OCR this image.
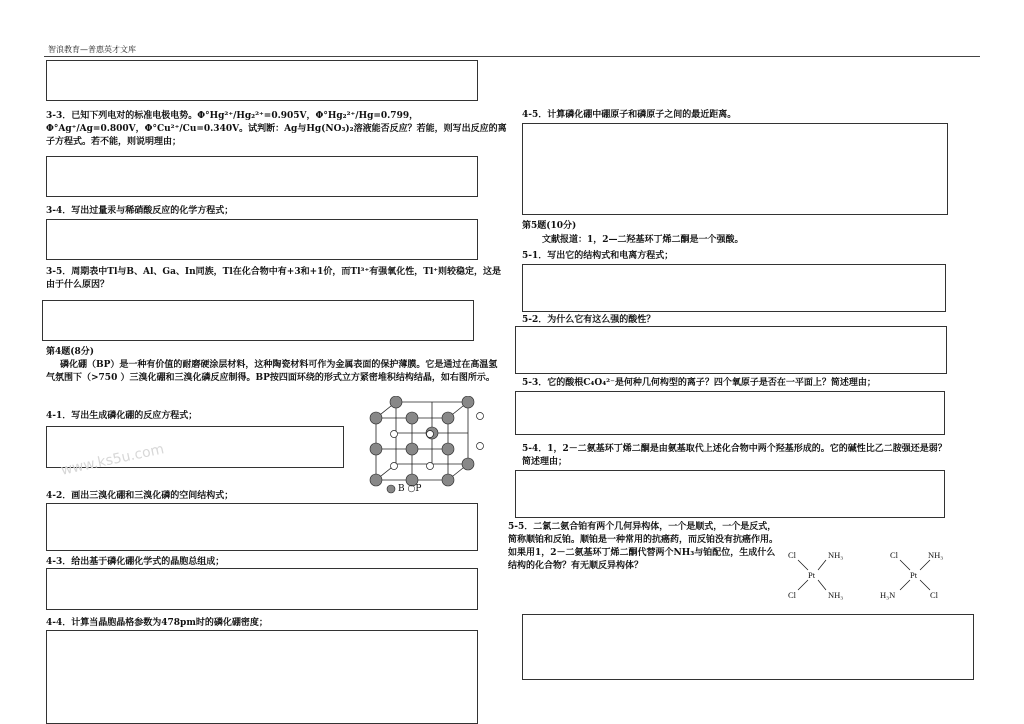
智浪教育—普惠英才文库
3-3．已知下列电对的标准电极电势。Φ°Hg²⁺/Hg₂²⁺=0.905V，Φ°Hg₂²⁺/Hg=0.799，Φ°Ag⁺/Ag=0.800V，Φ°Cu²⁺/Cu=0.340V。试判断：Ag与Hg(NO₃)₂溶液能否反应？若能，则写出反应的离子方程式。若不能，则说明理由；
3-4．写出过量汞与稀硝酸反应的化学方程式；
3-5．周期表中Tl与B、Al、Ga、In同族，Tl在化合物中有+3和+1价，而Tl³⁺有强氧化性，Tl⁺则较稳定，这是由于什么原因？
第4题(8分)
磷化硼（BP）是一种有价值的耐磨硬涂层材料，这种陶瓷材料可作为金属表面的保护薄膜。它是通过在高温氢气氛围下（>750 ）三溴化硼和三溴化磷反应制得。BP按四面环绕的形式立方紧密堆积结构结晶，如右图所示。
4-1．写出生成磷化硼的反应方程式；
www.ks5u.com
B ○P
4-2．画出三溴化硼和三溴化磷的空间结构式；
4-3．给出基于磷化硼化学式的晶胞总组成；
4-4．计算当晶胞晶格参数为478pm时的磷化硼密度；
4-5．计算磷化硼中硼原子和磷原子之间的最近距离。
第5题(10分)
文献报道：1，2—二羟基环丁烯二酮是一个强酸。
5-1．写出它的结构式和电离方程式；
5-2．为什么它有这么强的酸性？
5-3．它的酸根C₄O₄²⁻是何种几何构型的离子？四个氧原子是否在一平面上？简述理由；
5-4．1，2－二氨基环丁烯二酮是由氨基取代上述化合物中两个羟基形成的。它的碱性比乙二胺强还是弱？简述理由；
5-5．二氯二氨合铂有两个几何异构体，一个是顺式，一个是反式，简称顺铂和反铂。顺铂是一种常用的抗癌药，而反铂没有抗癌作用。如果用1，2－二氨基环丁烯二酮代替两个NH₃与铂配位，生成什么结构的化合物？有无顺反异构体？
Cl	NH₃
Pt
Cl	NH₃
Cl	NH₃
Pt
H₃N	Cl
